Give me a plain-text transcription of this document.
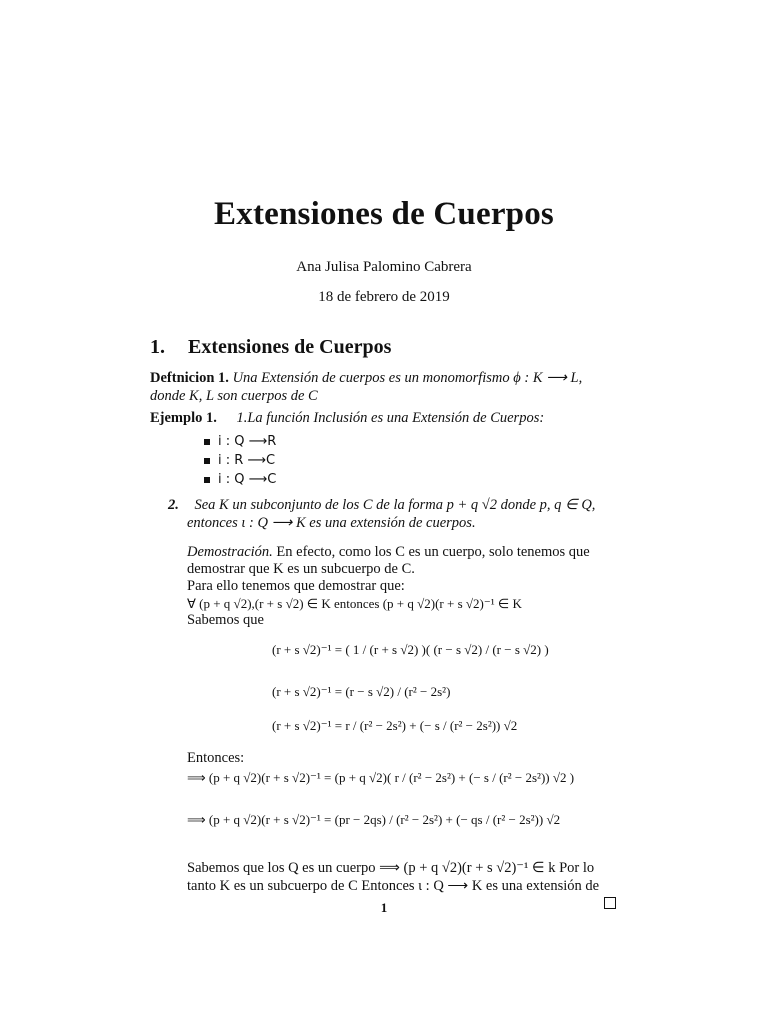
Extensiones de Cuerpos
Ana Julisa Palomino Cabrera
18 de febrero de 2019
1. Extensiones de Cuerpos
Deftnicion 1. Una Extensión de cuerpos es un monomorfismo ϕ : K ⟶ L,
donde K, L son cuerpos de C
Ejemplo 1. 1.La función Inclusión es una Extensión de Cuerpos:
i : Q ⟶R
i : R ⟶C
i : Q ⟶C
2. Sea K un subconjunto de los C de la forma p + q √2 donde p, q ∈ Q,
entonces ι : Q ⟶ K es una extensión de cuerpos.
Demostración. En efecto, como los C es un cuerpo, solo tenemos que
demostrar que K es un subcuerpo de C.
Para ello tenemos que demostrar que:
∀ (p + q √2),(r + s √2) ∈ K entonces (p + q √2)(r + s √2)⁻¹ ∈ K
Sabemos que
(r + s √2)⁻¹ = ( 1 / (r + s √2) )( (r − s √2) / (r − s √2) )
(r + s √2)⁻¹ = (r − s √2) / (r² − 2s²)
(r + s √2)⁻¹ = r / (r² − 2s²) + (− s / (r² − 2s²)) √2
Entonces:
⟹ (p + q √2)(r + s √2)⁻¹ = (p + q √2)( r / (r² − 2s²) + (− s / (r² − 2s²)) √2 )
⟹ (p + q √2)(r + s √2)⁻¹ = (pr − 2qs) / (r² − 2s²) + (− qs / (r² − 2s²)) √2
Sabemos que los Q es un cuerpo ⟹ (p + q √2)(r + s √2)⁻¹ ∈ k Por lo
tanto K es un subcuerpo de C Entonces ι : Q ⟶ K es una extensión de
1
